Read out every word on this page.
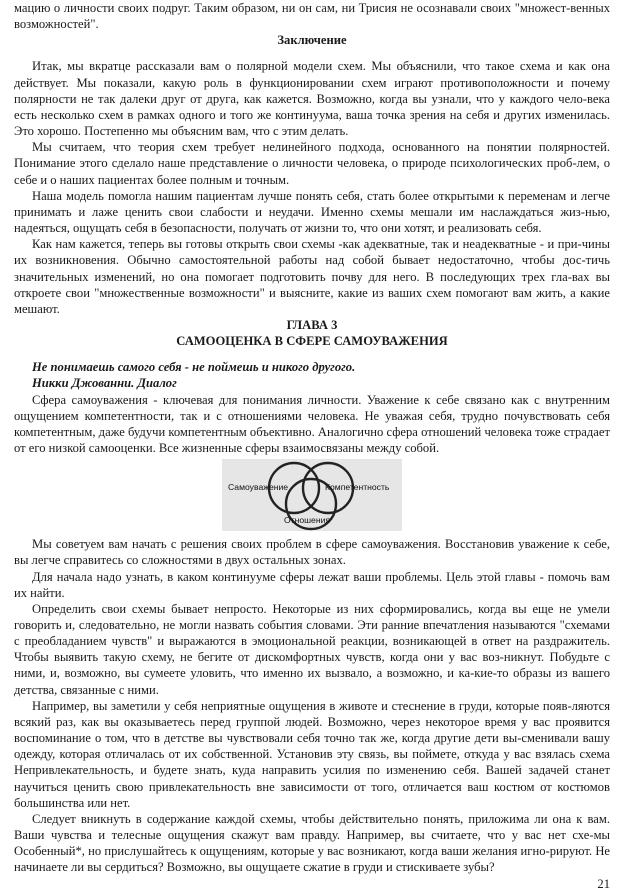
мацию о личности своих подруг. Таким образом, ни он сам, ни Трисия не осознавали своих "множест-венных возможностей".

Заключение

Итак, мы вкратце рассказали вам о полярной модели схем. Мы объяснили, что такое схема и как она действует. Мы показали, какую роль в функционировании схем играют противоположности и почему полярности не так далеки друг от друга, как кажется. Возможно, когда вы узнали, что у каждого чело-века есть несколько схем в рамках одного и того же континуума, ваша точка зрения на себя и других изменилась. Это хорошо. Постепенно мы объясним вам, что с этим делать.

Мы считаем, что теория схем требует нелинейного подхода, основанного на понятии полярностей. Понимание этого сделало наше представление о личности человека, о природе психологических проб-лем, о себе и о наших пациентах более полным и точным.

Наша модель помогла нашим пациентам лучше понять себя, стать более открытыми к переменам и легче принимать и лаже ценить свои слабости и неудачи. Именно схемы мешали им наслаждаться жиз-нью, надеяться, ощущать себя в безопасности, получать от жизни то, что они хотят, и реализовать себя.

Как нам кажется, теперь вы готовы открыть свои схемы -как адекватные, так и неадекватные - и при-чины их возникновения. Обычно самостоятельной работы над собой бывает недостаточно, чтобы дос-тичь значительных изменений, но она помогает подготовить почву для него. В последующих трех гла-вах вы откроете свои "множественные возможности" и выясните, какие из ваших схем помогают вам жить, а какие мешают.

ГЛАВА 3

САМООЦЕНКА В СФЕРЕ САМОУВАЖЕНИЯ

Не понимаешь самого себя - не поймешь и никого другого.

Никки Джованни. Диалог

Сфера самоуважения - ключевая для понимания личности. Уважение к себе связано как с внутренним ощущением компетентности, так и с отношениями человека. Не уважая себя, трудно почувствовать себя компетентным, даже будучи компетентным объективно. Аналогично сфера отношений человека тоже страдает от его низкой самооценки. Все жизненные сферы взаимосвязаны между собой.

Самоуважение	Компетентность
Отношения

Мы советуем вам начать с решения своих проблем в сфере самоуважения. Восстановив уважение к себе, вы легче справитесь со сложностями в двух остальных зонах.

Для начала надо узнать, в каком континууме сферы лежат ваши проблемы. Цель этой главы - помочь вам их найти.

Определить свои схемы бывает непросто. Некоторые из них сформировались, когда вы еще не умели говорить и, следовательно, не могли назвать события словами. Эти ранние впечатления называются "схемами с преобладанием чувств" и выражаются в эмоциональной реакции, возникающей в ответ на раздражитель. Чтобы выявить такую схему, не бегите от дискомфортных чувств, когда они у вас воз-никнут. Побудьте с ними, и, возможно, вы сумеете уловить, что именно их вызвало, а возможно, и ка-кие-то образы из вашего детства, связанные с ними.

Например, вы заметили у себя неприятные ощущения в животе и стеснение в груди, которые появ-ляются всякий раз, как вы оказываетесь перед группой людей. Возможно, через некоторое время у вас проявится воспоминание о том, что в детстве вы чувствовали себя точно так же, когда другие дети вы-сменивали вашу одежду, которая отличалась от их собственной. Установив эту связь, вы поймете, откуда у вас взялась схема Непривлекательность, и будете знать, куда направить усилия по изменению себя. Вашей задачей станет научиться ценить свою привлекательность вне зависимости от того, отличается ваш костюм от костюмов большинства или нет.

Следует вникнуть в содержание каждой схемы, чтобы действительно понять, приложима ли она к вам. Ваши чувства и телесные ощущения скажут вам правду. Например, вы считаете, что у вас нет схе-мы Особенный*, но прислушайтесь к ощущениям, которые у вас возникают, когда ваши желания игно-рируют. Не начинаете ли вы сердиться? Возможно, вы ощущаете сжатие в груди и стискиваете зубы?

21
